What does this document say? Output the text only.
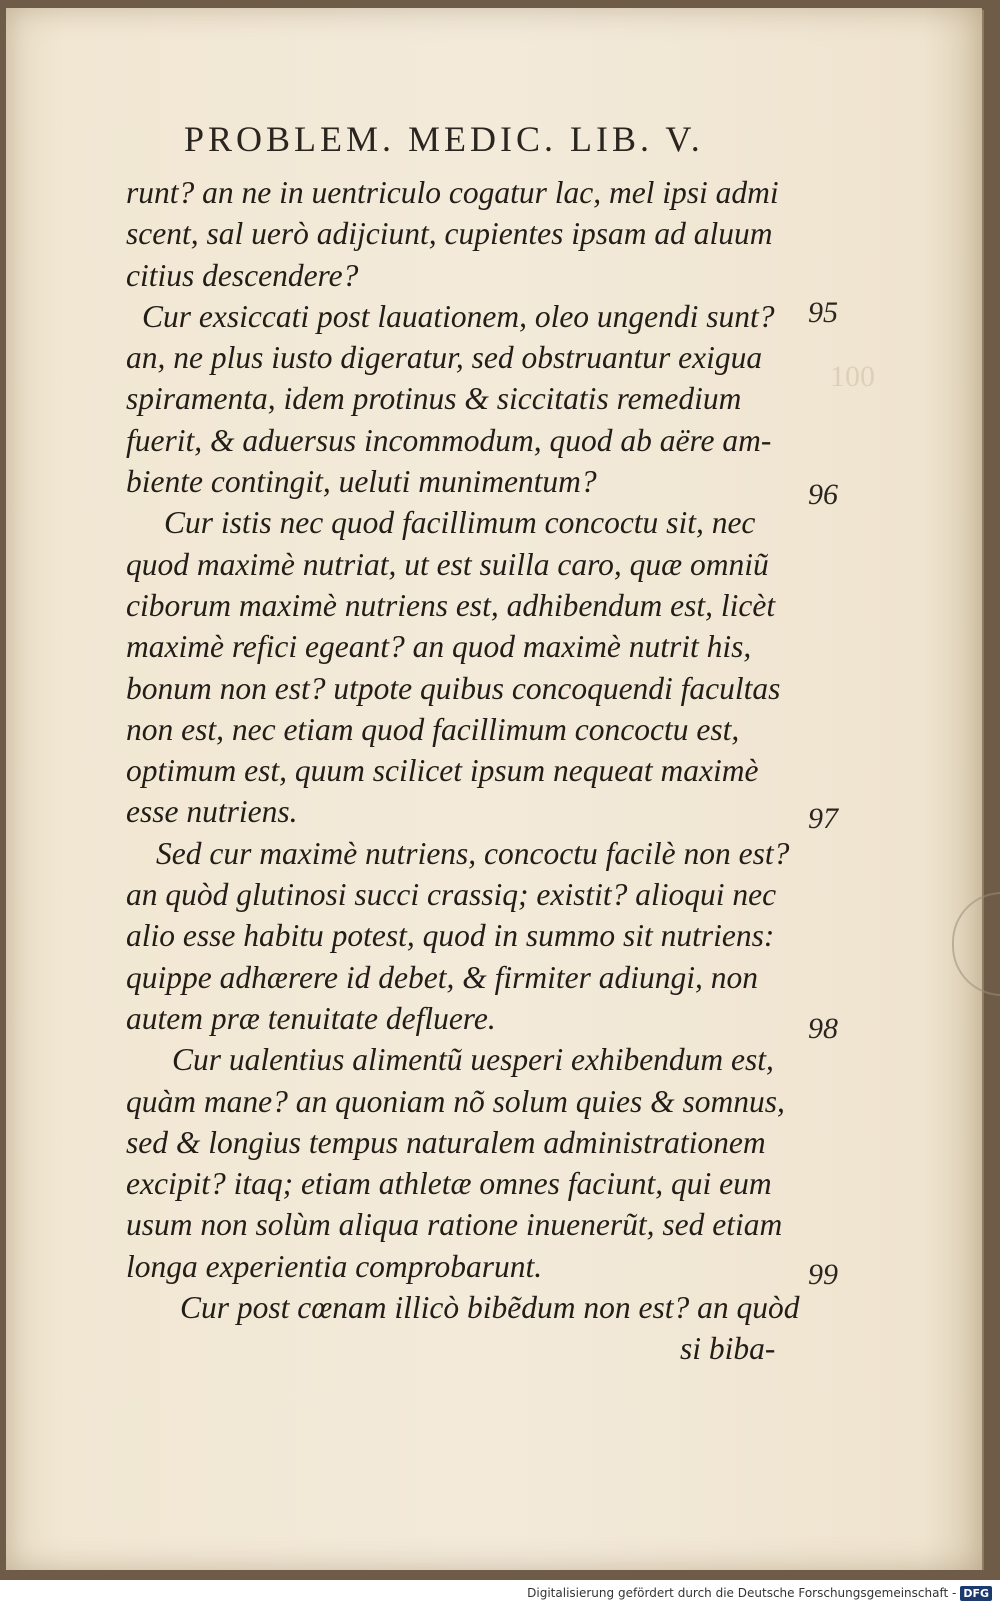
100
PROBLEM. MEDIC. LIB. V.
runt? an ne in uentriculo cogatur lac, mel ipsi admi
scent, sal uerò adijciunt, cupientes ipsam ad aluum
citius descendere?
Cur exsiccati post lauationem, oleo ungendi sunt?
an, ne plus iusto digeratur, sed obstruantur exigua
spiramenta, idem protinus & siccitatis remedium
fuerit, & aduersus incommodum, quod ab aëre am-
biente contingit, ueluti munimentum?
Cur istis nec quod facillimum concoctu sit, nec
quod maximè nutriat, ut est suilla caro, quæ omniũ
ciborum maximè nutriens est, adhibendum est, licèt
maximè refici egeant? an quod maximè nutrit his,
bonum non est? utpote quibus concoquendi facultas
non est, nec etiam quod facillimum concoctu est,
optimum est, quum scilicet ipsum nequeat maximè
esse nutriens.
Sed cur maximè nutriens, concoctu facilè non est?
an quòd glutinosi succi crassiq; existit? alioqui nec
alio esse habitu potest, quod in summo sit nutriens:
quippe adhærere id debet, & firmiter adiungi, non
autem præ tenuitate defluere.
Cur ualentius alimentũ uesperi exhibendum est,
quàm mane? an quoniam nõ solum quies & somnus,
sed & longius tempus naturalem administrationem
excipit? itaq; etiam athletæ omnes faciunt, qui eum
usum non solùm aliqua ratione inuenerũt, sed etiam
longa experientia comprobarunt.
Cur post cœnam illicò bibẽdum non est? an quòd
si biba-
95
96
97
98
99
Digitalisierung gefördert durch die Deutsche Forschungsgemeinschaft - DFG
